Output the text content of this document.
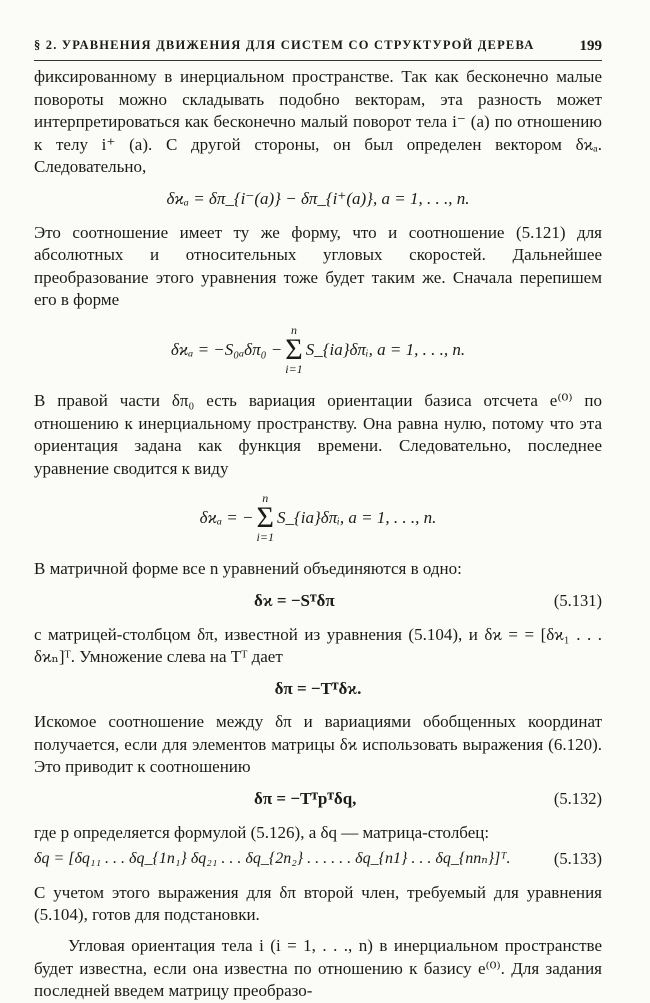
§ 2. УРАВНЕНИЯ ДВИЖЕНИЯ ДЛЯ СИСТЕМ СО СТРУКТУРОЙ ДЕРЕВА	199

фиксированному в инерциальном пространстве. Так как бесконечно малые повороты можно складывать подобно векторам, эта разность может интерпретироваться как бесконечно малый поворот тела i⁻ (a) по отношению к телу i⁺ (a). С другой стороны, он был определен вектором δϰₐ. Следовательно,

δϰₐ = δπ_{i⁻(a)} − δπ_{i⁺(a)}, a = 1, . . ., n.

Это соотношение имеет ту же форму, что и соотношение (5.121) для абсолютных и относительных угловых скоростей. Дальнейшее преобразование этого уравнения тоже будет таким же. Сначала перепишем его в форме

δϰₐ = −S₀ₐδπ₀ −
n
Σ
i=1
S_{ia}δπᵢ, a = 1, . . ., n.

В правой части δπ₀ есть вариация ориентации базиса отсчета e⁽⁰⁾ по отношению к инерциальному пространству. Она равна нулю, потому что эта ориентация задана как функция времени. Следовательно, последнее уравнение сводится к виду

δϰₐ = −
n
Σ
i=1
S_{ia}δπᵢ, a = 1, . . ., n.

В матричной форме все n уравнений объединяются в одно:

δϰ = −Sᵀδπ	(5.131)

с матрицей-столбцом δπ, известной из уравнения (5.104), и δϰ = = [δϰ₁ . . . δϰₙ]ᵀ. Умножение слева на Tᵀ дает

δπ = −Tᵀδϰ.

Искомое соотношение между δπ и вариациями обобщенных координат получается, если для элементов матрицы δϰ использовать выражения (6.120). Это приводит к соотношению

δπ = −Tᵀpᵀδq,	(5.132)

где p определяется формулой (5.126), а δq — матрица-столбец:

δq = [δq₁₁ . . . δq_{1n₁} δq₂₁ . . . δq_{2n₂} . . . . . . δq_{n1} . . . δq_{nnₙ}]ᵀ.	(5.133)

С учетом этого выражения для δπ второй член, требуемый для уравнения (5.104), готов для подстановки.

Угловая ориентация тела i (i = 1, . . ., n) в инерциальном пространстве будет известна, если она известна по отношению к базису e⁽⁰⁾. Для задания последней введем матрицу преобразо-
